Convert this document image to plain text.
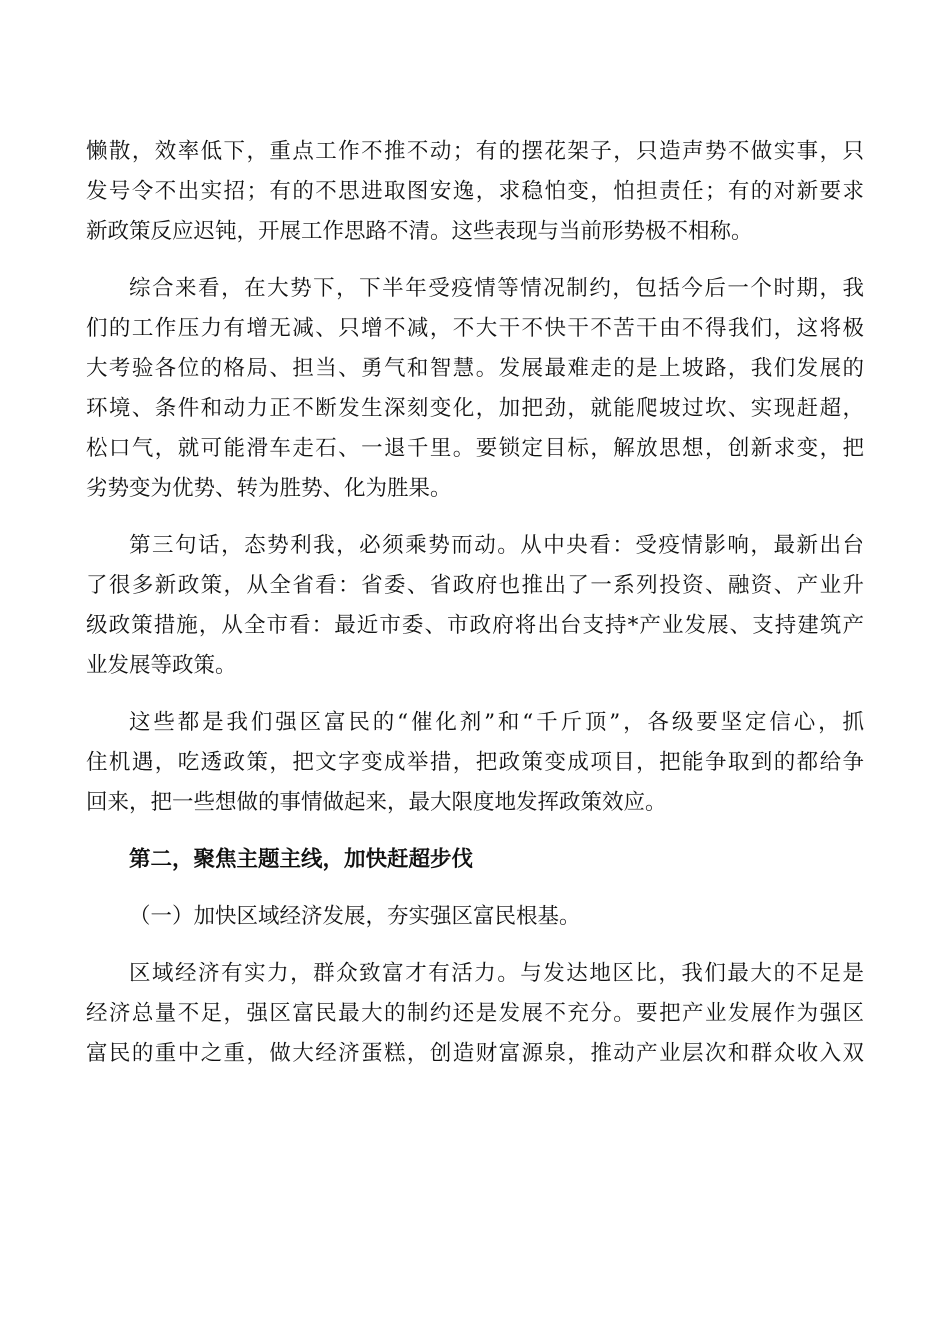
懒散，效率低下，重点工作不推不动；有的摆花架子，只造声势不做实事，只
发号令不出实招；有的不思进取图安逸，求稳怕变，怕担责任；有的对新要求
新政策反应迟钝，开展工作思路不清。这些表现与当前形势极不相称。
综合来看，在大势下，下半年受疫情等情况制约，包括今后一个时期，我
们的工作压力有增无减、只增不减，不大干不快干不苦干由不得我们，这将极
大考验各位的格局、担当、勇气和智慧。发展最难走的是上坡路，我们发展的
环境、条件和动力正不断发生深刻变化，加把劲，就能爬坡过坎、实现赶超，
松口气，就可能滑车走石、一退千里。要锁定目标，解放思想，创新求变，把
劣势变为优势、转为胜势、化为胜果。
第三句话，态势利我，必须乘势而动。从中央看：受疫情影响，最新出台
了很多新政策，从全省看：省委、省政府也推出了一系列投资、融资、产业升
级政策措施，从全市看：最近市委、市政府将出台支持*产业发展、支持建筑产
业发展等政策。
这些都是我们强区富民的“催化剂”和“千斤顶”，各级要坚定信心，抓
住机遇，吃透政策，把文字变成举措，把政策变成项目，把能争取到的都给争
回来，把一些想做的事情做起来，最大限度地发挥政策效应。
第二，聚焦主题主线，加快赶超步伐
（一）加快区域经济发展，夯实强区富民根基。
区域经济有实力，群众致富才有活力。与发达地区比，我们最大的不足是
经济总量不足，强区富民最大的制约还是发展不充分。要把产业发展作为强区
富民的重中之重，做大经济蛋糕，创造财富源泉，推动产业层次和群众收入双
